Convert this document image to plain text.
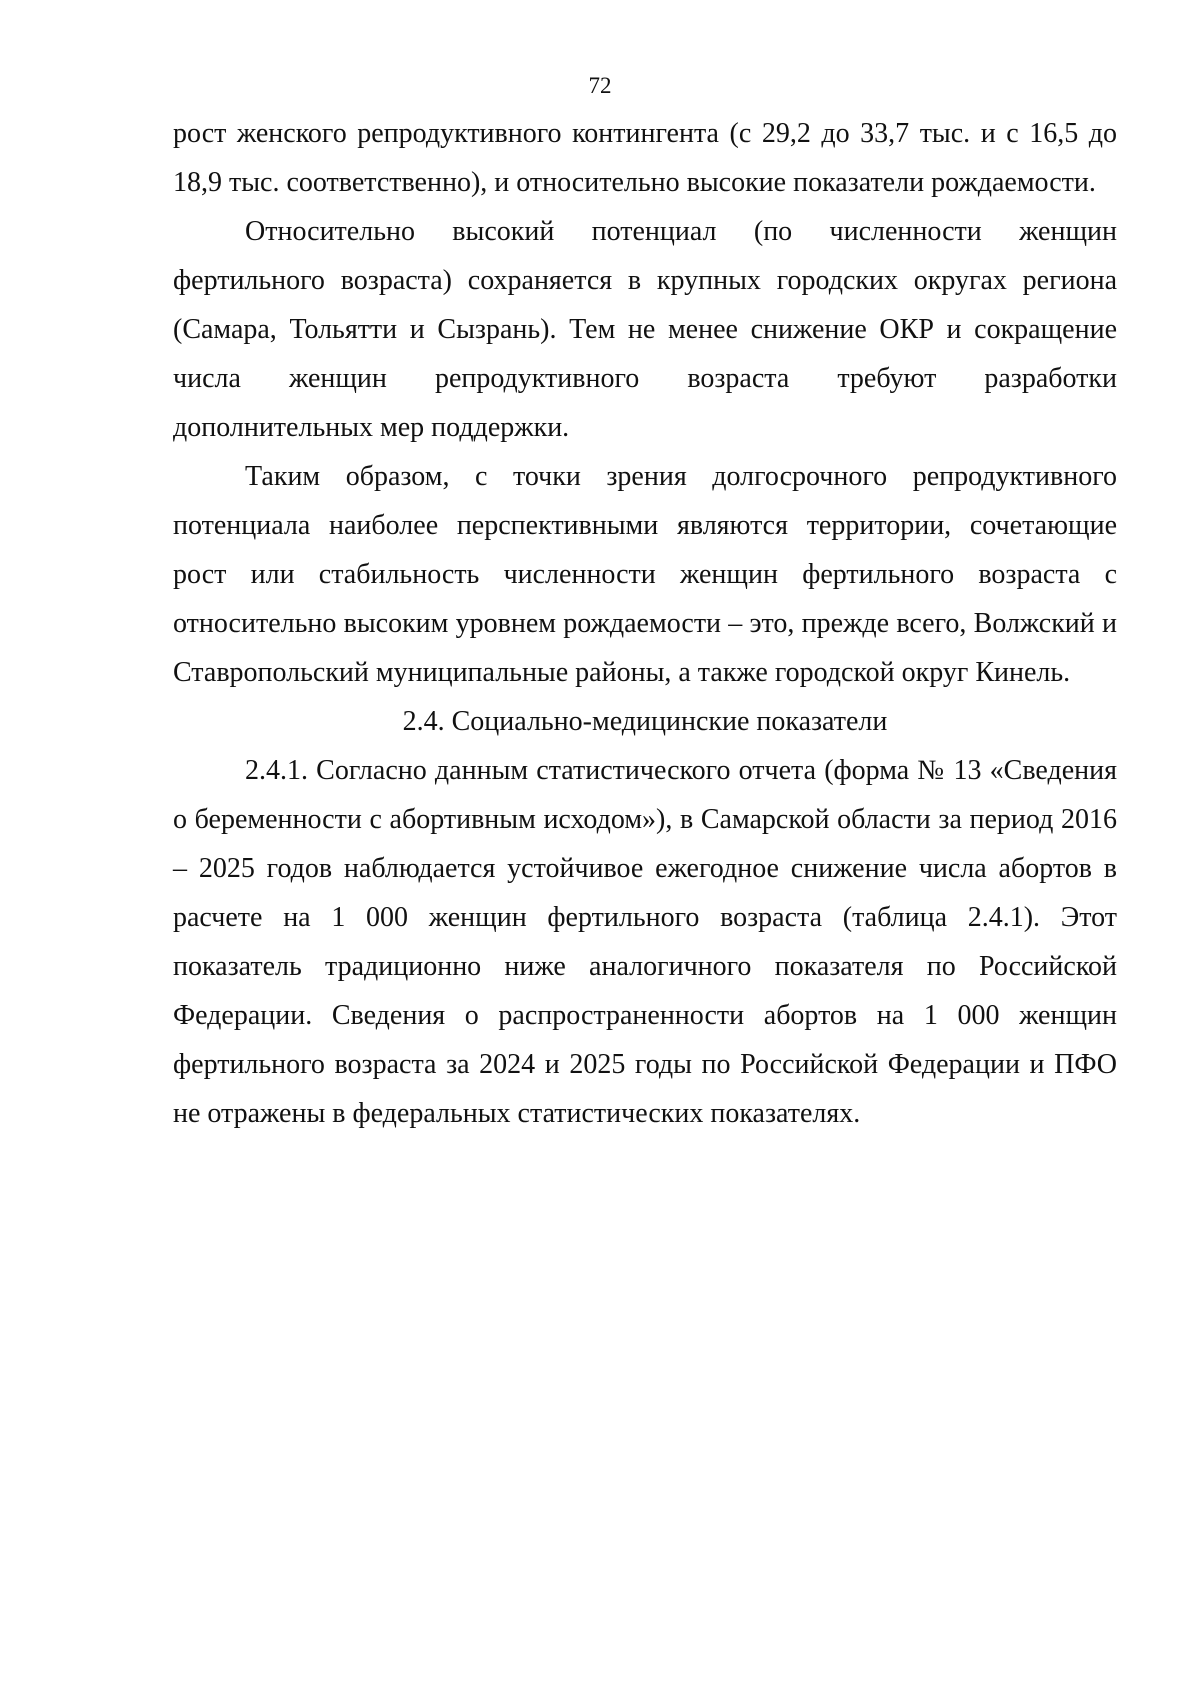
72

рост женского репродуктивного контингента (с 29,2 до 33,7 тыс. и с 16,5 до 18,9 тыс. соответственно), и относительно высокие показатели рождаемости.

Относительно высокий потенциал (по численности женщин фертильного возраста) сохраняется в крупных городских округах региона (Самара, Тольятти и Сызрань). Тем не менее снижение ОКР и сокращение числа женщин репродуктивного возраста требуют разработки дополнительных мер поддержки.

Таким образом, с точки зрения долгосрочного репродуктивного потенциала наиболее перспективными являются территории, сочетающие рост или стабильность численности женщин фертильного возраста с относительно высоким уровнем рождаемости – это, прежде всего, Волжский и Ставропольский муниципальные районы, а также городской округ Кинель.

2.4. Социально-медицинские показатели

2.4.1. Согласно данным статистического отчета (форма № 13 «Сведения о беременности с абортивным исходом»), в Самарской области за период 2016 – 2025 годов наблюдается устойчивое ежегодное снижение числа абортов в расчете на 1 000 женщин фертильного возраста (таблица 2.4.1). Этот показатель традиционно ниже аналогичного показателя по Российской Федерации. Сведения о распространенности абортов на 1 000 женщин фертильного возраста за 2024 и 2025 годы по Российской Федерации и ПФО не отражены в федеральных статистических показателях.
